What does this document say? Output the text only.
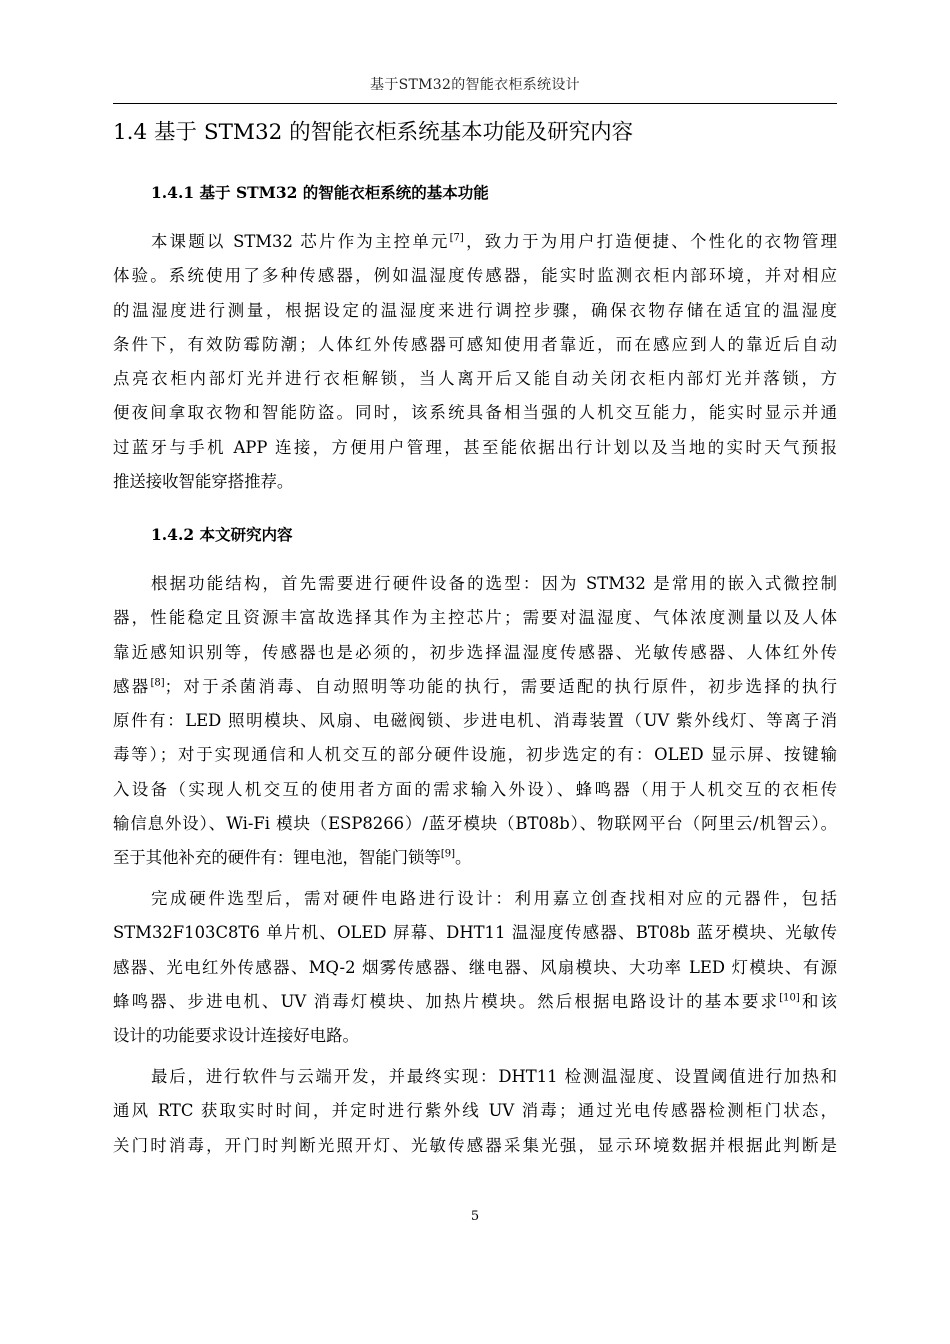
基于STM32的智能衣柜系统设计
1.4 基于 STM32 的智能衣柜系统基本功能及研究内容
1.4.1 基于 STM32 的智能衣柜系统的基本功能
本课题以 STM32 芯片作为主控单元[7]，致力于为用户打造便捷、个性化的衣物管理
体验。系统使用了多种传感器，例如温湿度传感器，能实时监测衣柜内部环境，并对相应
的温湿度进行测量，根据设定的温湿度来进行调控步骤，确保衣物存储在适宜的温湿度
条件下，有效防霉防潮；人体红外传感器可感知使用者靠近，而在感应到人的靠近后自动
点亮衣柜内部灯光并进行衣柜解锁，当人离开后又能自动关闭衣柜内部灯光并落锁，方
便夜间拿取衣物和智能防盗。同时，该系统具备相当强的人机交互能力，能实时显示并通
过蓝牙与手机 APP 连接，方便用户管理，甚至能依据出行计划以及当地的实时天气预报
推送接收智能穿搭推荐。
1.4.2 本文研究内容
根据功能结构，首先需要进行硬件设备的选型：因为 STM32 是常用的嵌入式微控制
器，性能稳定且资源丰富故选择其作为主控芯片；需要对温湿度、气体浓度测量以及人体
靠近感知识别等，传感器也是必须的，初步选择温湿度传感器、光敏传感器、人体红外传
感器[8]；对于杀菌消毒、自动照明等功能的执行，需要适配的执行原件，初步选择的执行
原件有：LED 照明模块、风扇、电磁阀锁、步进电机、消毒装置（UV 紫外线灯、等离子消
毒等）；对于实现通信和人机交互的部分硬件设施，初步选定的有：OLED 显示屏、按键输
入设备（实现人机交互的使用者方面的需求输入外设）、蜂鸣器（用于人机交互的衣柜传
输信息外设）、Wi-Fi 模块（ESP8266）/蓝牙模块（BT08b）、物联网平台（阿里云/机智云）。
至于其他补充的硬件有：锂电池，智能门锁等[9]。
完成硬件选型后，需对硬件电路进行设计：利用嘉立创查找相对应的元器件，包括
STM32F103C8T6 单片机、OLED 屏幕、DHT11 温湿度传感器、BT08b 蓝牙模块、光敏传
感器、光电红外传感器、MQ-2 烟雾传感器、继电器、风扇模块、大功率 LED 灯模块、有源
蜂鸣器、步进电机、UV 消毒灯模块、加热片模块。然后根据电路设计的基本要求[10]和该
设计的功能要求设计连接好电路。
最后，进行软件与云端开发，并最终实现：DHT11 检测温湿度、设置阈值进行加热和
通风 RTC 获取实时时间，并定时进行紫外线 UV 消毒；通过光电传感器检测柜门状态，
关门时消毒，开门时判断光照开灯、光敏传感器采集光强，显示环境数据并根据此判断是
5
